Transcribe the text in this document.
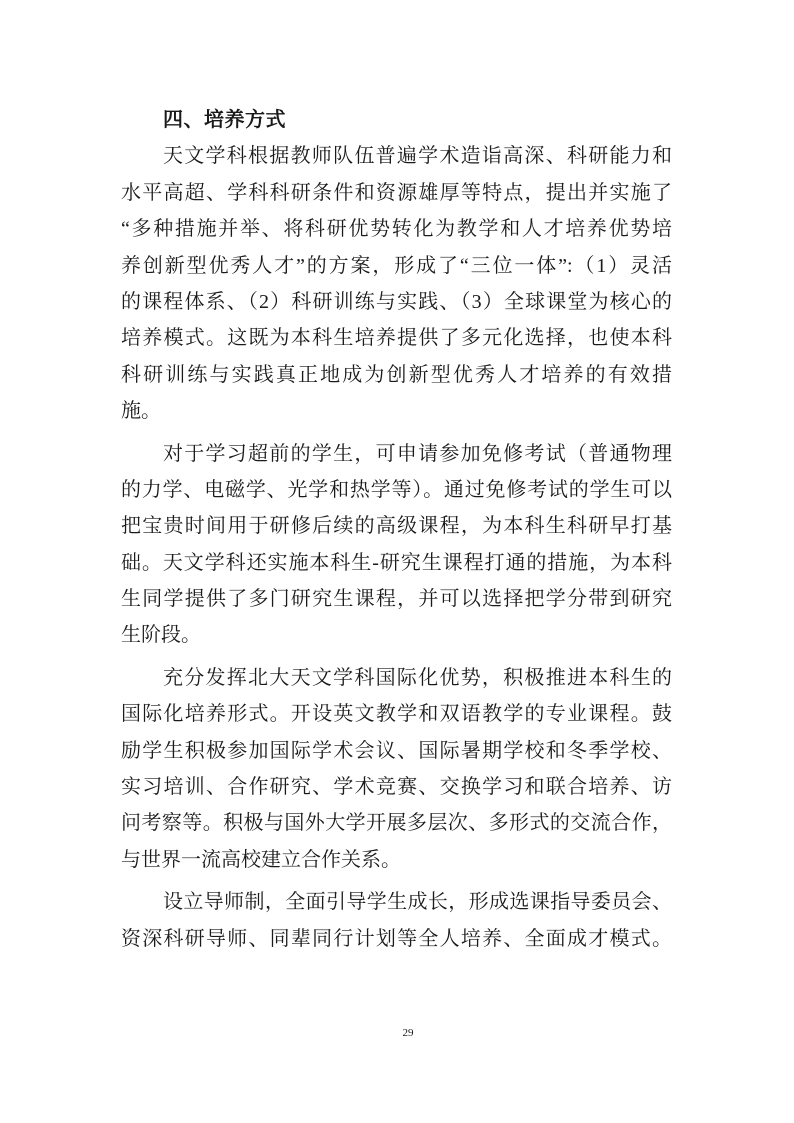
四、培养方式
天文学科根据教师队伍普遍学术造诣高深、科研能力和
水平高超、学科科研条件和资源雄厚等特点，提出并实施了
“多种措施并举、将科研优势转化为教学和人才培养优势培
养创新型优秀人才”的方案，形成了“三位一体”:（1）灵活
的课程体系、（2）科研训练与实践、（3）全球课堂为核心的
培养模式。这既为本科生培养提供了多元化选择，也使本科
科研训练与实践真正地成为创新型优秀人才培养的有效措
施。
对于学习超前的学生，可申请参加免修考试（普通物理
的力学、电磁学、光学和热学等）。通过免修考试的学生可以
把宝贵时间用于研修后续的高级课程，为本科生科研早打基
础。天文学科还实施本科生-研究生课程打通的措施，为本科
生同学提供了多门研究生课程，并可以选择把学分带到研究
生阶段。
充分发挥北大天文学科国际化优势，积极推进本科生的
国际化培养形式。开设英文教学和双语教学的专业课程。鼓
励学生积极参加国际学术会议、国际暑期学校和冬季学校、
实习培训、合作研究、学术竞赛、交换学习和联合培养、访
问考察等。积极与国外大学开展多层次、多形式的交流合作，
与世界一流高校建立合作关系。
设立导师制，全面引导学生成长，形成选课指导委员会、
资深科研导师、同辈同行计划等全人培养、全面成才模式。
29
